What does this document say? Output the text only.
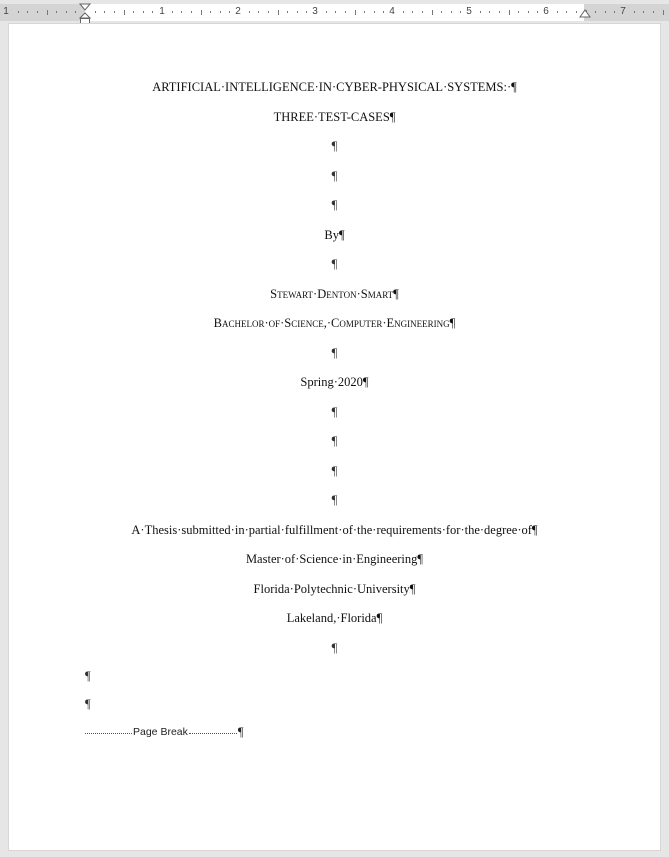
1	1	2	3	4	5	6	7
ARTIFICIAL·INTELLIGENCE·IN·CYBER-PHYSICAL·SYSTEMS:·¶
THREE·TEST-CASES¶
¶
¶
¶
By¶
¶
Stewart·Denton·Smart¶
Bachelor·of·Science,·Computer·Engineering¶
¶
Spring·2020¶
¶
¶
¶
¶
A·Thesis·submitted·in·partial·fulfillment·of·the·requirements·for·the·degree·of¶
Master·of·Science·in·Engineering¶
Florida·Polytechnic·University¶
Lakeland,·Florida¶
¶
¶
¶
Page Break	¶
